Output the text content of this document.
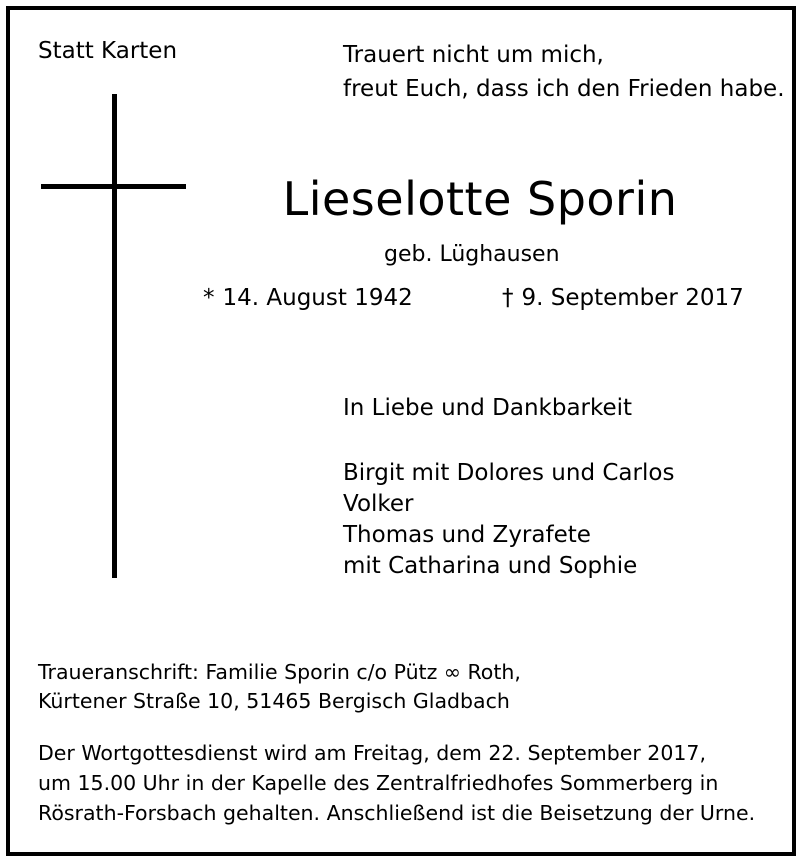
Statt Karten	Trauert nicht um mich,
freut Euch, dass ich den Frieden habe.
Lieselotte Sporin
geb. Lüghausen
* 14. August 1942	† 9. September 2017
In Liebe und Dankbarkeit
Birgit mit Dolores und Carlos
Volker
Thomas und Zyrafete
mit Catharina und Sophie
Traueranschrift: Familie Sporin c/o Pütz ∞ Roth,
Kürtener Straße 10, 51465 Bergisch Gladbach
Der Wortgottesdienst wird am Freitag, dem 22. September 2017,
um 15.00 Uhr in der Kapelle des Zentralfriedhofes Sommerberg in
Rösrath-Forsbach gehalten. Anschließend ist die Beisetzung der Urne.
